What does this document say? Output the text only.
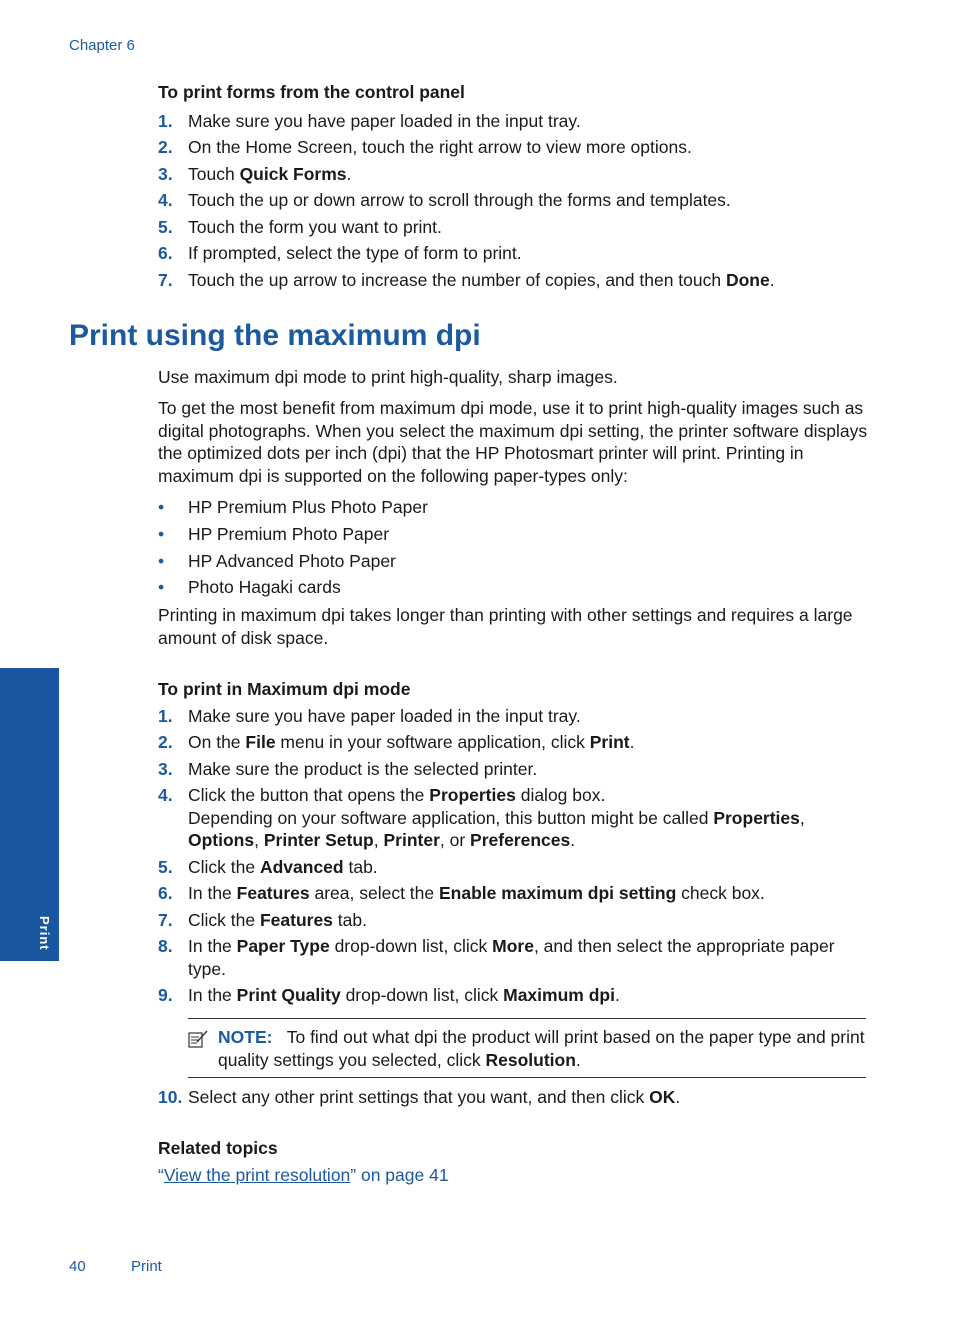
Chapter 6
Print
To print forms from the control panel
1. Make sure you have paper loaded in the input tray.
2. On the Home Screen, touch the right arrow to view more options.
3. Touch Quick Forms.
4. Touch the up or down arrow to scroll through the forms and templates.
5. Touch the form you want to print.
6. If prompted, select the type of form to print.
7. Touch the up arrow to increase the number of copies, and then touch Done.
Print using the maximum dpi
Use maximum dpi mode to print high-quality, sharp images.
To get the most benefit from maximum dpi mode, use it to print high-quality images such as digital photographs. When you select the maximum dpi setting, the printer software displays the optimized dots per inch (dpi) that the HP Photosmart printer will print. Printing in maximum dpi is supported on the following paper-types only:
• HP Premium Plus Photo Paper
• HP Premium Photo Paper
• HP Advanced Photo Paper
• Photo Hagaki cards
Printing in maximum dpi takes longer than printing with other settings and requires a large amount of disk space.
To print in Maximum dpi mode
1. Make sure you have paper loaded in the input tray.
2. On the File menu in your software application, click Print.
3. Make sure the product is the selected printer.
4. Click the button that opens the Properties dialog box.
Depending on your software application, this button might be called Properties,
Options, Printer Setup, Printer, or Preferences.
5. Click the Advanced tab.
6. In the Features area, select the Enable maximum dpi setting check box.
7. Click the Features tab.
8. In the Paper Type drop-down list, click More, and then select the appropriate paper type.
9. In the Print Quality drop-down list, click Maximum dpi.
NOTE:   To find out what dpi the product will print based on the paper type and print quality settings you selected, click Resolution.
10. Select any other print settings that you want, and then click OK.
Related topics
“View the print resolution” on page 41
40	Print
